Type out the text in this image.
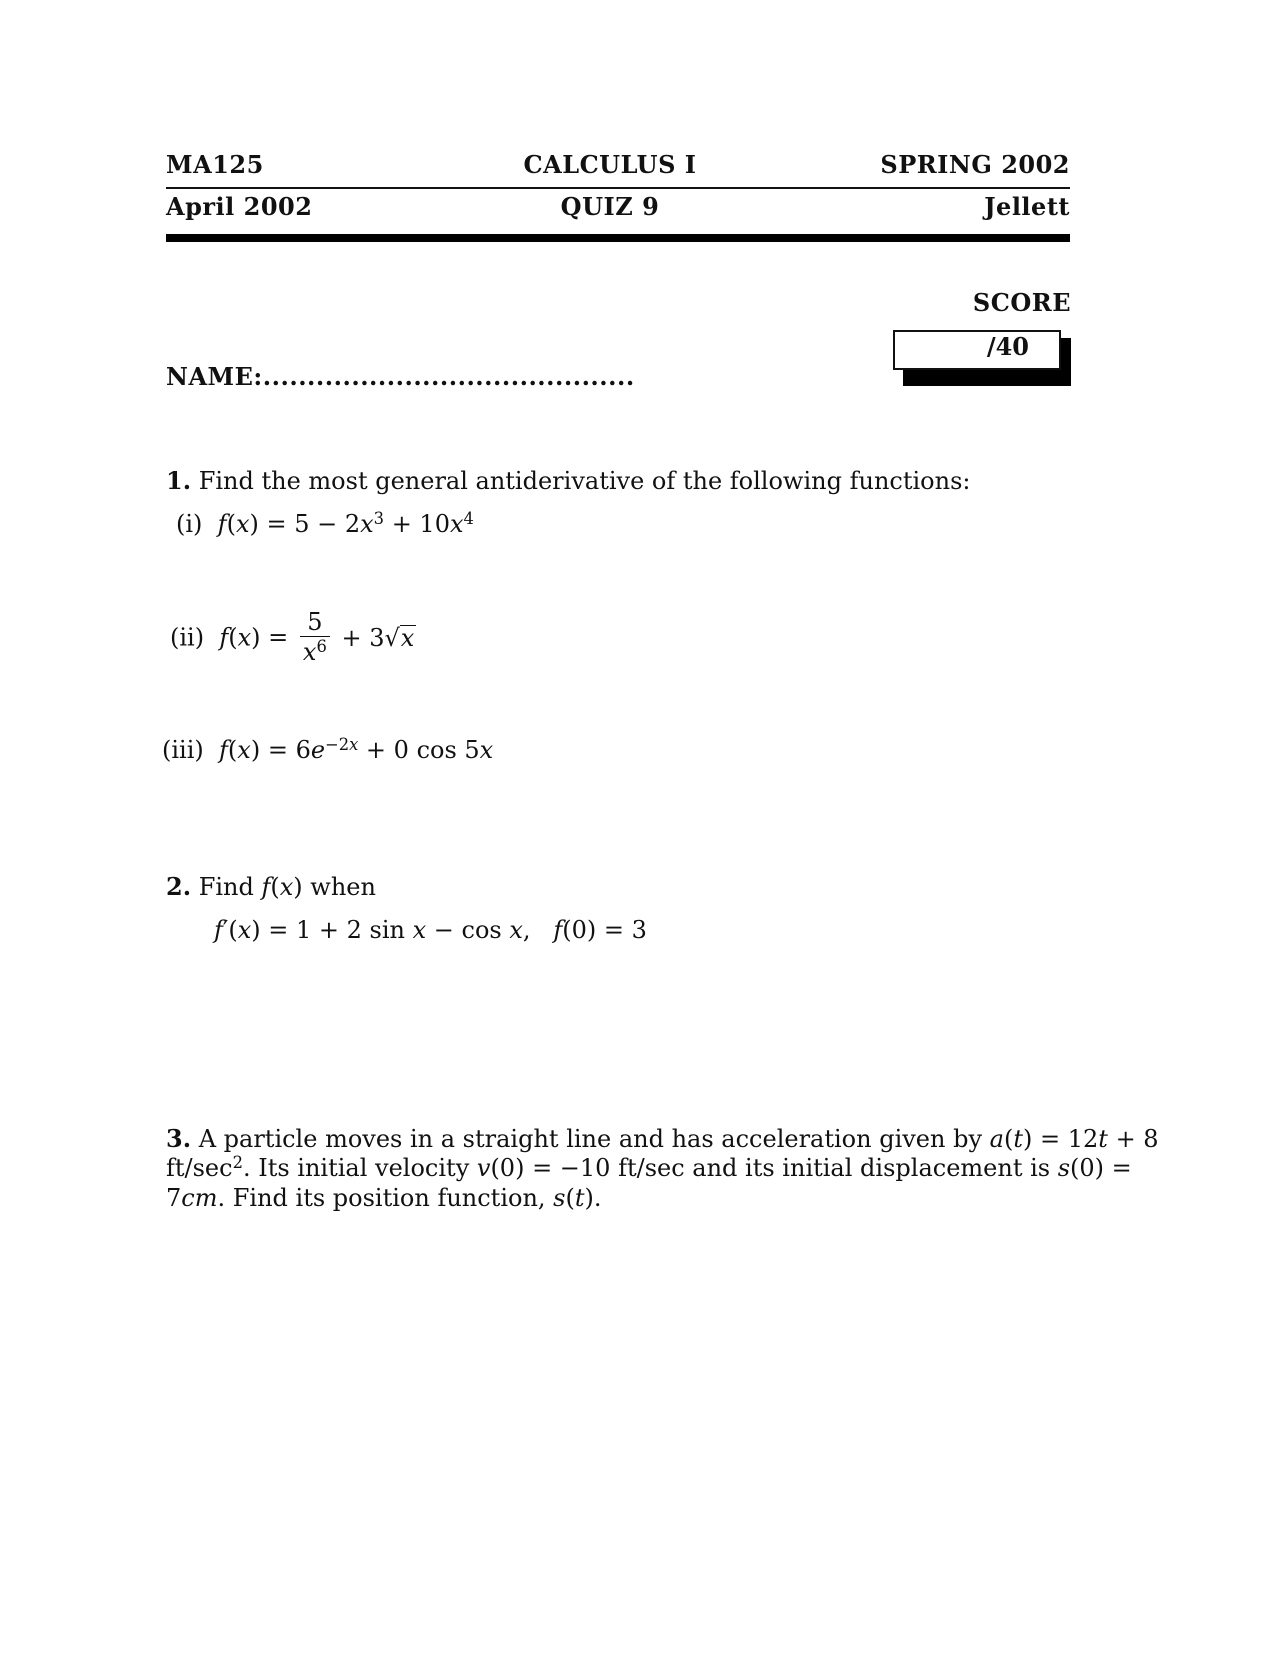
MA125	CALCULUS I	SPRING 2002
April 2002	QUIZ 9	Jellett
SCORE
/40
NAME:..........................................
1. Find the most general antiderivative of the following functions:
(i) $f(x) = 5 - 2x^3 + 10x^4$
(ii) $f(x) = \frac{5}{x^6} + 3√x$
(iii) $f(x) = 6e^{-2x} + 0$ cos 5x
2. Find f(x) when
f′(x) = 1 + 2 sin x − cos x,   f(0) = 3
3. A particle moves in a straight line and has acceleration given by a(t) = 12t + 8
$ft/\sec^2$. Its initial velocity v(0) = −10 ft/sec and its initial displacement is s(0) =
7cm. Find its position function, s(t).
